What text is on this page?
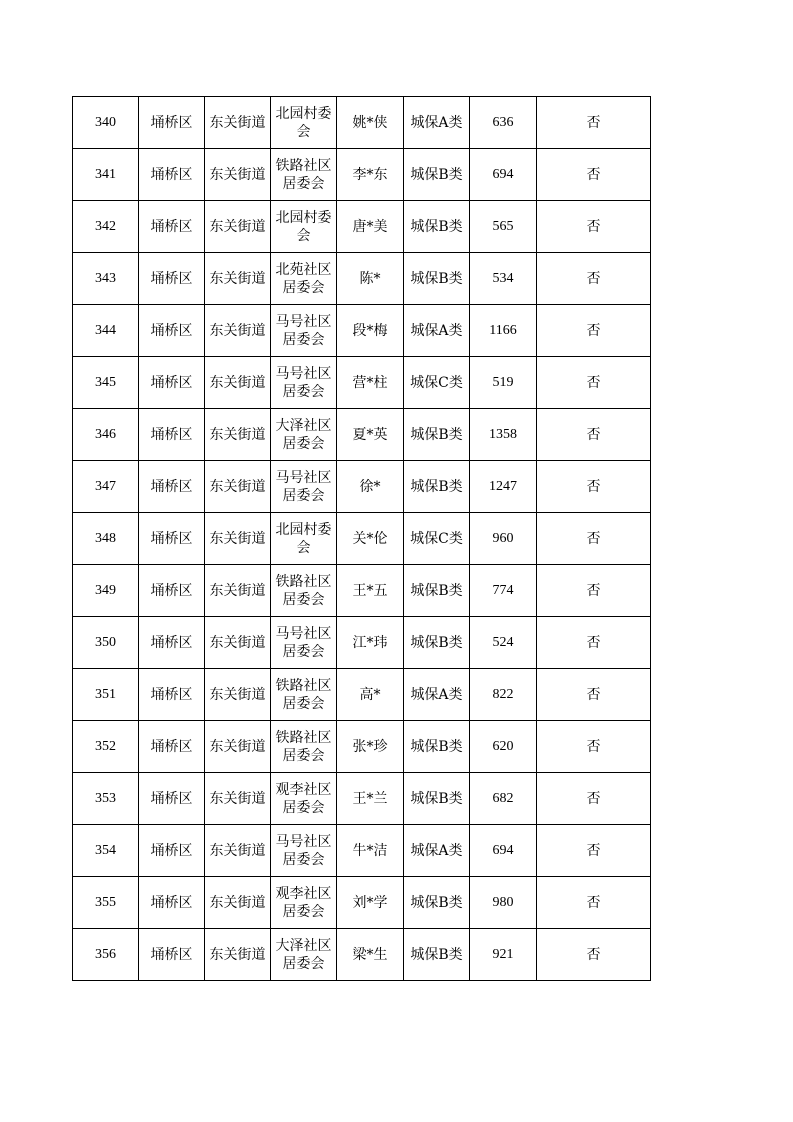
340	埇桥区	东关街道	北园村委会	姚*侠	城保A类	636	否
341	埇桥区	东关街道	铁路社区居委会	李*东	城保B类	694	否
342	埇桥区	东关街道	北园村委会	唐*美	城保B类	565	否
343	埇桥区	东关街道	北苑社区居委会	陈*	城保B类	534	否
344	埇桥区	东关街道	马号社区居委会	段*梅	城保A类	1166	否
345	埇桥区	东关街道	马号社区居委会	营*柱	城保C类	519	否
346	埇桥区	东关街道	大泽社区居委会	夏*英	城保B类	1358	否
347	埇桥区	东关街道	马号社区居委会	徐*	城保B类	1247	否
348	埇桥区	东关街道	北园村委会	关*伦	城保C类	960	否
349	埇桥区	东关街道	铁路社区居委会	王*五	城保B类	774	否
350	埇桥区	东关街道	马号社区居委会	江*玮	城保B类	524	否
351	埇桥区	东关街道	铁路社区居委会	高*	城保A类	822	否
352	埇桥区	东关街道	铁路社区居委会	张*珍	城保B类	620	否
353	埇桥区	东关街道	观李社区居委会	王*兰	城保B类	682	否
354	埇桥区	东关街道	马号社区居委会	牛*洁	城保A类	694	否
355	埇桥区	东关街道	观李社区居委会	刘*学	城保B类	980	否
356	埇桥区	东关街道	大泽社区居委会	梁*生	城保B类	921	否
